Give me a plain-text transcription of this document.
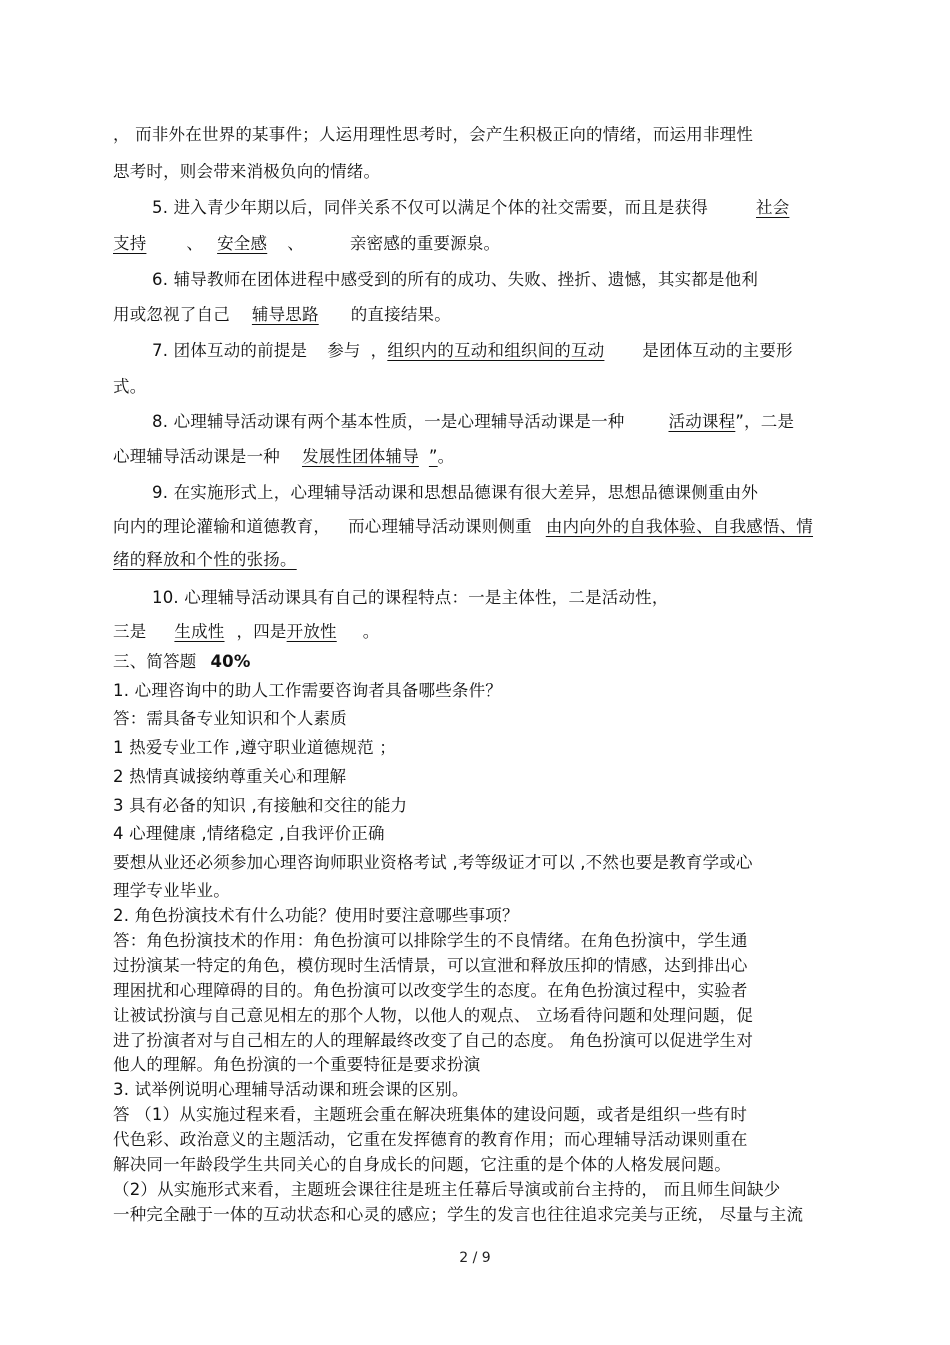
， 而非外在世界的某事件；人运用理性思考时，会产生积极正向的情绪，而运用非理性
思考时，则会带来消极负向的情绪。
5. 进入青少年期以后，同伴关系不仅可以满足个体的社交需要，而且是获得	社会
支持 、 安全感 、	亲密感的重要源泉。
6. 辅导教师在团体进程中感受到的所有的成功、失败、挫折、遗憾，其实都是他利
用或忽视了自己 辅导思路 的直接结果。
7. 团体互动的前提是 参与 ，组织内的互动和组织间的互动 是团体互动的主要形
式。
8. 心理辅导活动课有两个基本性质，一是心理辅导活动课是一种	活动课程”，二是
心理辅导活动课是一种 发展性团体辅导 ”。
9. 在实施形式上，心理辅导活动课和思想品德课有很大差异，思想品德课侧重由外
向内的理论灌输和道德教育， 而心理辅导活动课则侧重 由内向外的自我体验、自我感悟、情
绪的释放和个性的张扬。
10. 心理辅导活动课具有自己的课程特点：一是主体性，二是活动性，
三是 生成性 ，四是开放性 。
三、简答题 40%
1. 心理咨询中的助人工作需要咨询者具备哪些条件？
答：需具备专业知识和个人素质
1 热爱专业工作 ,遵守职业道德规范 ；
2 热情真诚接纳尊重关心和理解
3 具有必备的知识 ,有接触和交往的能力
4 心理健康 ,情绪稳定 ,自我评价正确
要想从业还必须参加心理咨询师职业资格考试 ,考等级证才可以 ,不然也要是教育学或心
理学专业毕业。
2. 角色扮演技术有什么功能？使用时要注意哪些事项？
答：角色扮演技术的作用：角色扮演可以排除学生的不良情绪。在角色扮演中，学生通
过扮演某一特定的角色，模仿现时生活情景，可以宣泄和释放压抑的情感，达到排出心
理困扰和心理障碍的目的。角色扮演可以改变学生的态度。在角色扮演过程中，实验者
让被试扮演与自己意见相左的那个人物，以他人的观点、 立场看待问题和处理问题，促
进了扮演者对与自己相左的人的理解最终改变了自己的态度。 角色扮演可以促进学生对
他人的理解。角色扮演的一个重要特征是要求扮演
3. 试举例说明心理辅导活动课和班会课的区别。
答 （1）从实施过程来看，主题班会重在解决班集体的建设问题，或者是组织一些有时
代色彩、政治意义的主题活动，它重在发挥德育的教育作用；而心理辅导活动课则重在
解决同一年龄段学生共同关心的自身成长的问题，它注重的是个体的人格发展问题。
（2）从实施形式来看，主题班会课往往是班主任幕后导演或前台主持的， 而且师生间缺少
一种完全融于一体的互动状态和心灵的感应；学生的发言也往往追求完美与正统， 尽量与主流
2 / 9
